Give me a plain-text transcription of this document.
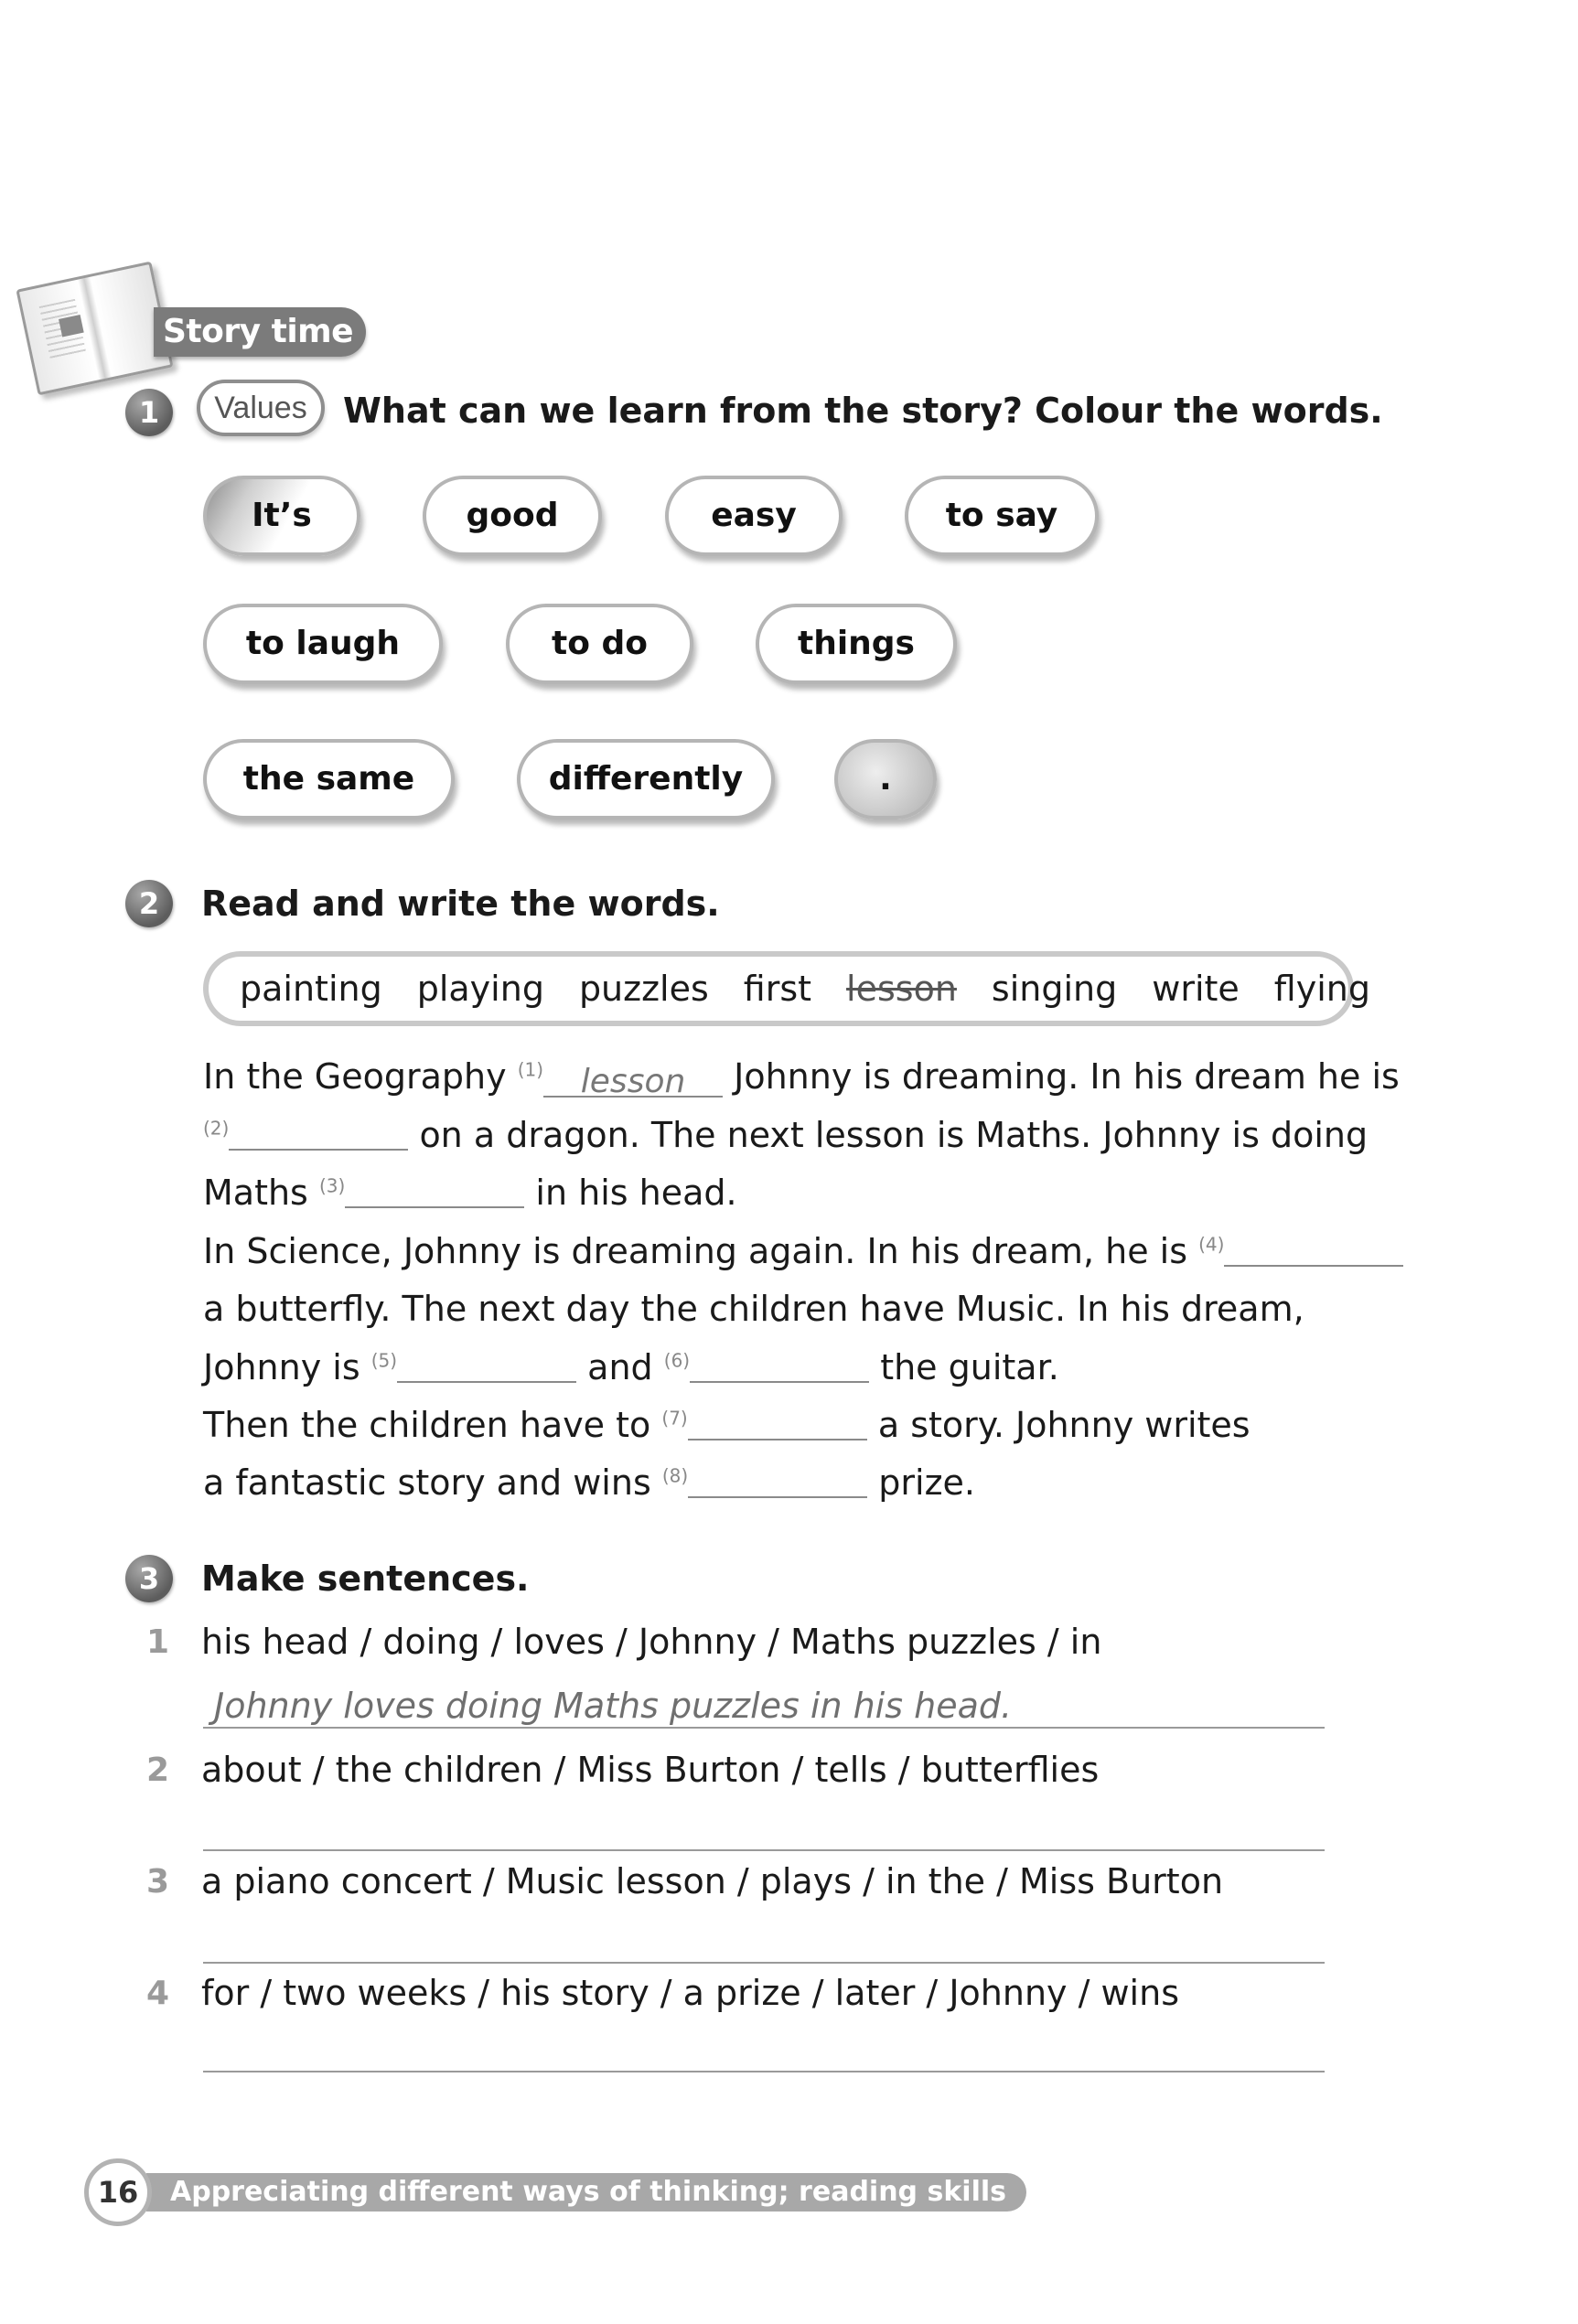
Story time
1	Values	What can we learn from the story? Colour the words.
It’s	good	easy	to say
to laugh	to do	things
the same	differently	.
2	Read and write the words.
painting playing puzzles first lesson singing write flying
In the Geography $^{(1)}$ lesson Johnny is dreaming. In his dream he is
$^{(2)}$	on a dragon. The next lesson is Maths. Johnny is doing
Maths $^{(3)}$	in his head.
In Science, Johnny is dreaming again. In his dream, he is $^{(4)}$
a butterfly. The next day the children have Music. In his dream,
Johnny is $^{(5)}$	and $^{(6)}$	the guitar.
Then the children have to $^{(7)}$	a story. Johnny writes
a fantastic story and wins $^{(8)}$	prize.
3	Make sentences.
1 his head / doing / loves / Johnny / Maths puzzles / in
Johnny loves doing Maths puzzles in his head.
2 about / the children / Miss Burton / tells / butterflies
3 a piano concert / Music lesson / plays / in the / Miss Burton
4 for / two weeks / his story / a prize / later / Johnny / wins
Appreciating different ways of thinking; reading skills
16
